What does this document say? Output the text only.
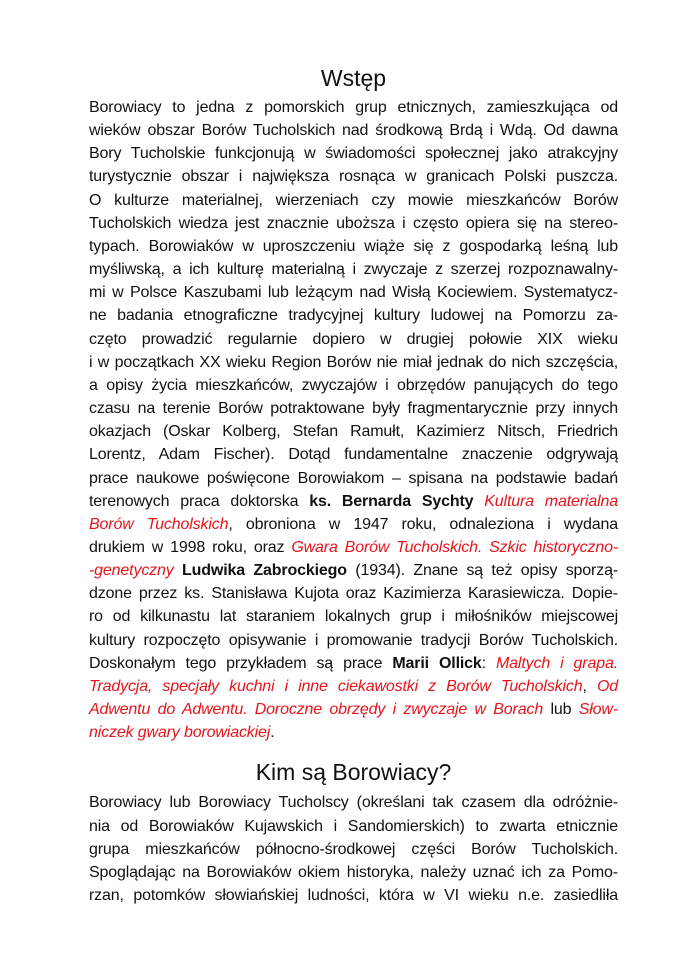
Wstęp
Borowiacy to jedna z pomorskich grup etnicznych, zamieszkująca od
wieków obszar Borów Tucholskich nad środkową Brdą i Wdą. Od dawna
Bory Tucholskie funkcjonują w świadomości społecznej jako atrakcyjny
turystycznie obszar i największa rosnąca w granicach Polski puszcza.
O kulturze materialnej, wierzeniach czy mowie mieszkańców Borów
Tucholskich wiedza jest znacznie uboższa i często opiera się na stereo-
typach. Borowiaków w uproszczeniu wiąże się z gospodarką leśną lub
myśliwską, a ich kulturę materialną i zwyczaje z szerzej rozpoznawalny-
mi w Polsce Kaszubami lub leżącym nad Wisłą Kociewiem. Systematycz-
ne badania etnograficzne tradycyjnej kultury ludowej na Pomorzu za-
częto prowadzić regularnie dopiero w drugiej połowie XIX wieku
i w początkach XX wieku Region Borów nie miał jednak do nich szczęścia,
a opisy życia mieszkańców, zwyczajów i obrzędów panujących do tego
czasu na terenie Borów potraktowane były fragmentarycznie przy innych
okazjach (Oskar Kolberg, Stefan Ramułt, Kazimierz Nitsch, Friedrich
Lorentz, Adam Fischer). Dotąd fundamentalne znaczenie odgrywają
prace naukowe poświęcone Borowiakom – spisana na podstawie badań
terenowych praca doktorska ks. Bernarda Sychty Kultura materialna
Borów Tucholskich, obroniona w 1947 roku, odnaleziona i wydana
drukiem w 1998 roku, oraz Gwara Borów Tucholskich. Szkic historyczno-
-genetyczny Ludwika Zabrockiego (1934). Znane są też opisy sporzą-
dzone przez ks. Stanisława Kujota oraz Kazimierza Karasiewicza. Dopie-
ro od kilkunastu lat staraniem lokalnych grup i miłośników miejscowej
kultury rozpoczęto opisywanie i promowanie tradycji Borów Tucholskich.
Doskonałym tego przykładem są prace Marii Ollick: Maltych i grapa.
Tradycja, specjały kuchni i inne ciekawostki z Borów Tucholskich, Od
Adwentu do Adwentu. Doroczne obrzędy i zwyczaje w Borach lub Słow-
niczek gwary borowiackiej.
Kim są Borowiacy?
Borowiacy lub Borowiacy Tucholscy (określani tak czasem dla odróżnie-
nia od Borowiaków Kujawskich i Sandomierskich) to zwarta etnicznie
grupa mieszkańców północno-środkowej części Borów Tucholskich.
Spoglądając na Borowiaków okiem historyka, należy uznać ich za Pomo-
rzan, potomków słowiańskiej ludności, która w VI wieku n.e. zasiedliła
